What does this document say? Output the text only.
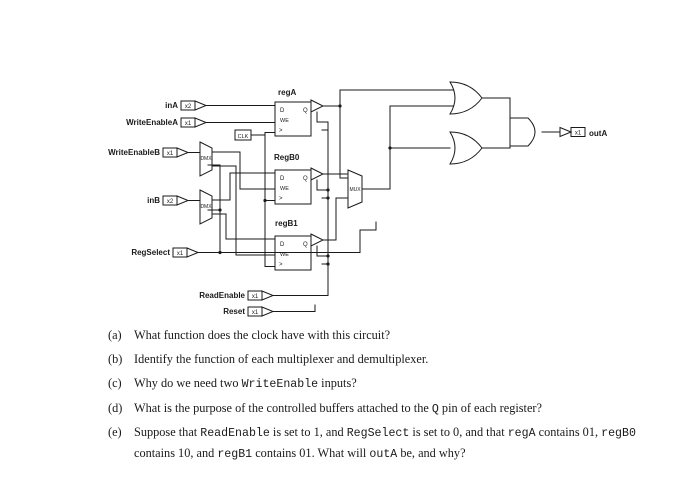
D	Q
WE
>
regA
D	Q
WE
>
RegB0
D	Q
WE
>
regB1
inA x2
WriteEnableA x1
WriteEnableB x1
inB x2
RegSelect x1
ReadEnable x1
Reset x1
CLK
DMX
DMX
MUX
x1 outA
(a)	What function does the clock have with this circuit?
(b) Identify the function of each multiplexer and demultiplexer.
(c)	Why do we need two WriteEnable inputs?
(d) What is the purpose of the controlled buffers attached to the Q pin of each register?
(e)	Suppose that ReadEnable is set to 1, and RegSelect is set to 0, and that regA contains 01, regB0 contains 10, and regB1 contains 01. What will outA be, and why?
